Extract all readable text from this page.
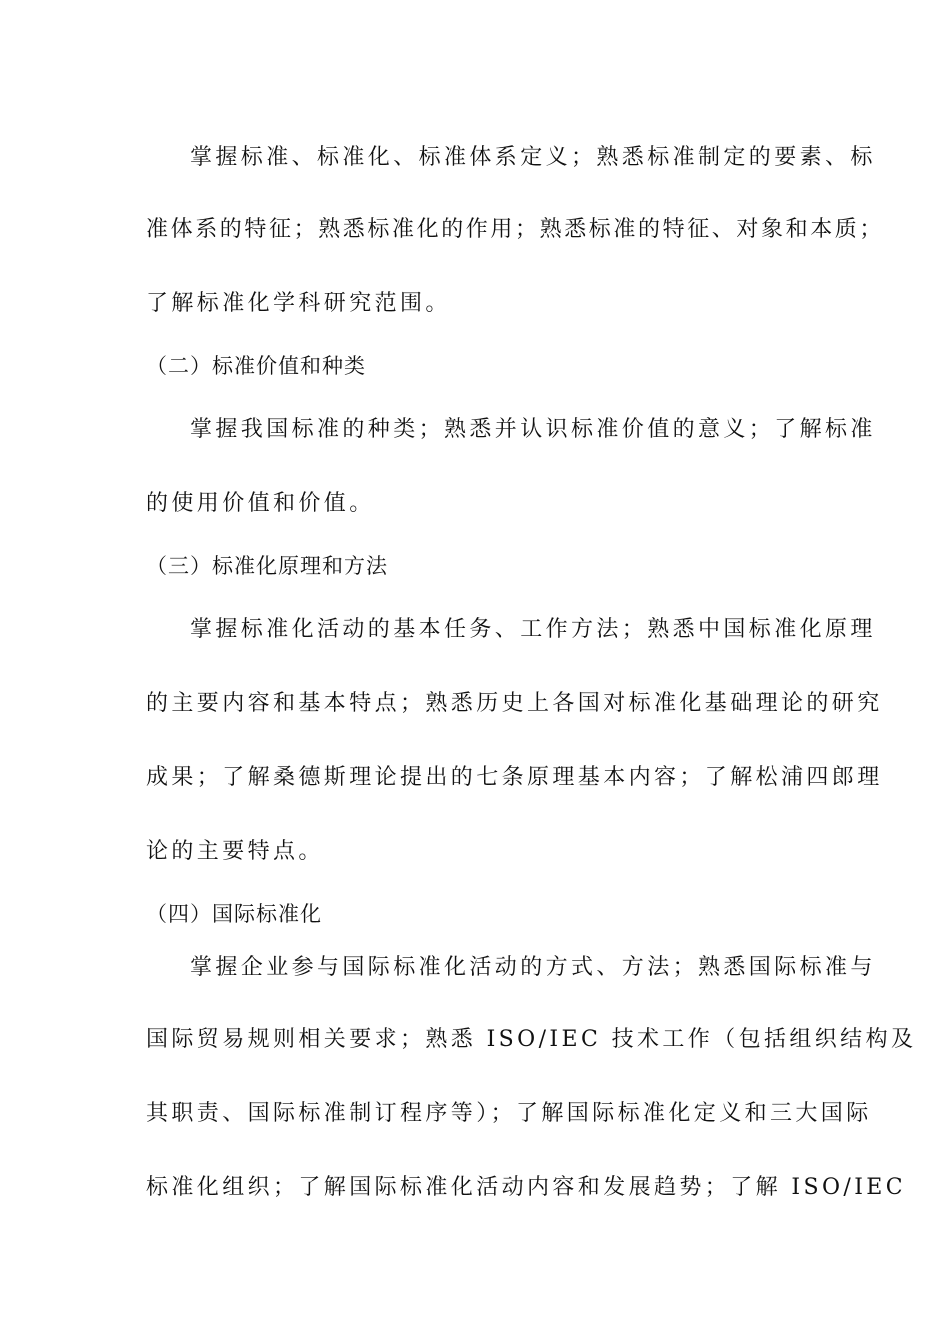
掌握标准、标准化、标准体系定义；熟悉标准制定的要素、标
准体系的特征；熟悉标准化的作用；熟悉标准的特征、对象和本质；
了解标准化学科研究范围。
（二）标准价值和种类
掌握我国标准的种类；熟悉并认识标准价值的意义；了解标准
的使用价值和价值。
（三）标准化原理和方法
掌握标准化活动的基本任务、工作方法；熟悉中国标准化原理
的主要内容和基本特点；熟悉历史上各国对标准化基础理论的研究
成果；了解桑德斯理论提出的七条原理基本内容；了解松浦四郎理
论的主要特点。
（四）国际标准化
掌握企业参与国际标准化活动的方式、方法；熟悉国际标准与
国际贸易规则相关要求；熟悉 ISO/IEC 技术工作（包括组织结构及
其职责、国际标准制订程序等）；了解国际标准化定义和三大国际
标准化组织；了解国际标准化活动内容和发展趋势；了解 ISO/IEC
